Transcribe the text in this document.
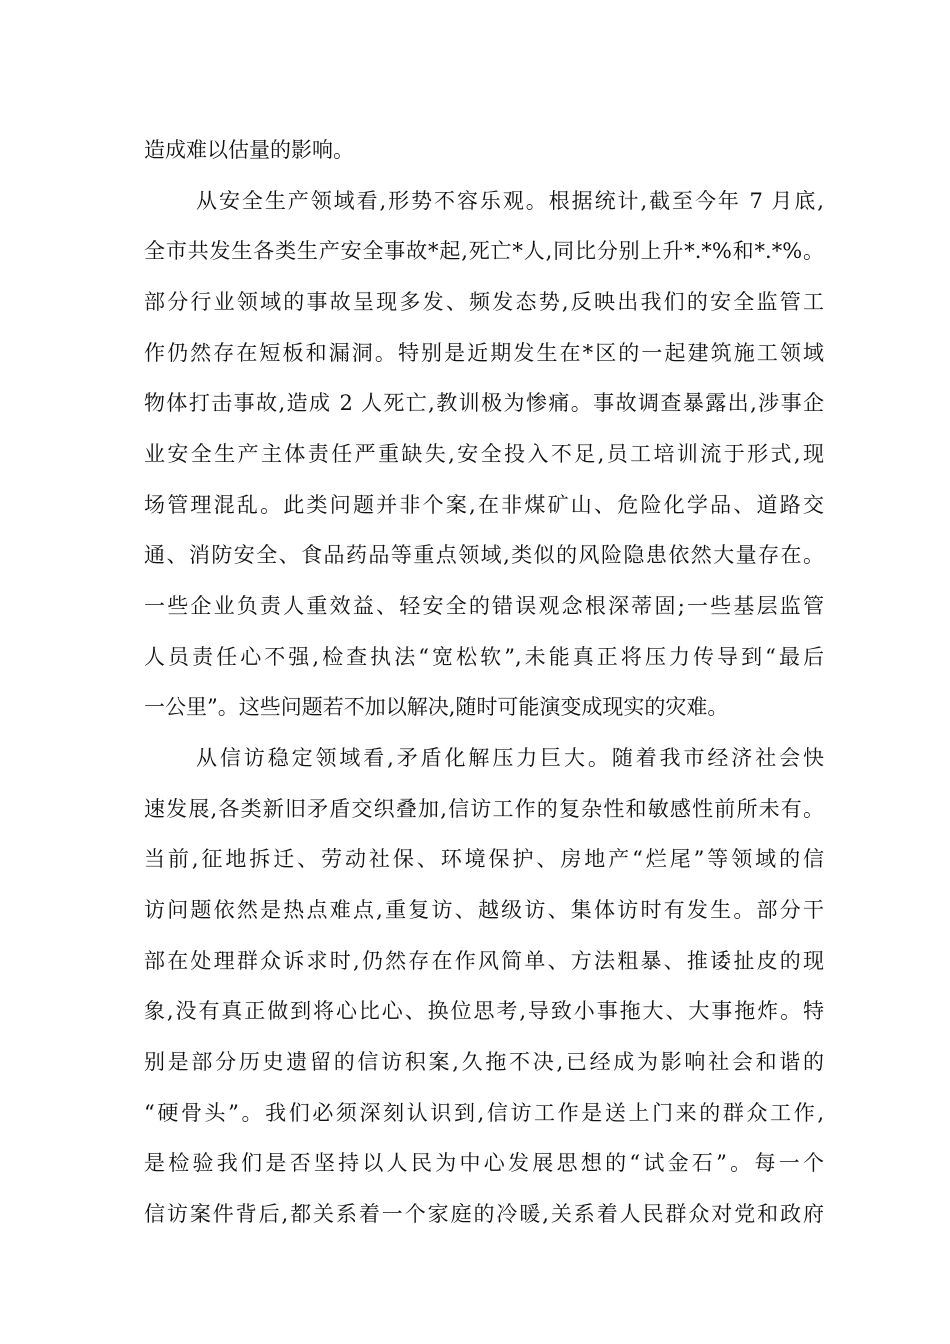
造成难以估量的影响。
从安全生产领域看,形势不容乐观。根据统计,截至今年 7 月底,
全市共发生各类生产安全事故*起,死亡*人,同比分别上升*.*%和*.*%。
部分行业领域的事故呈现多发、频发态势,反映出我们的安全监管工
作仍然存在短板和漏洞。特别是近期发生在*区的一起建筑施工领域
物体打击事故,造成 2 人死亡,教训极为惨痛。事故调查暴露出,涉事企
业安全生产主体责任严重缺失,安全投入不足,员工培训流于形式,现
场管理混乱。此类问题并非个案,在非煤矿山、危险化学品、道路交
通、消防安全、食品药品等重点领域,类似的风险隐患依然大量存在。
一些企业负责人重效益、轻安全的错误观念根深蒂固;一些基层监管
人员责任心不强,检查执法“宽松软”,未能真正将压力传导到“最后
一公里”。这些问题若不加以解决,随时可能演变成现实的灾难。
从信访稳定领域看,矛盾化解压力巨大。随着我市经济社会快
速发展,各类新旧矛盾交织叠加,信访工作的复杂性和敏感性前所未有。
当前,征地拆迁、劳动社保、环境保护、房地产“烂尾”等领域的信
访问题依然是热点难点,重复访、越级访、集体访时有发生。部分干
部在处理群众诉求时,仍然存在作风简单、方法粗暴、推诿扯皮的现
象,没有真正做到将心比心、换位思考,导致小事拖大、大事拖炸。特
别是部分历史遗留的信访积案,久拖不决,已经成为影响社会和谐的
“硬骨头”。我们必须深刻认识到,信访工作是送上门来的群众工作,
是检验我们是否坚持以人民为中心发展思想的“试金石”。每一个
信访案件背后,都关系着一个家庭的冷暖,关系着人民群众对党和政府
